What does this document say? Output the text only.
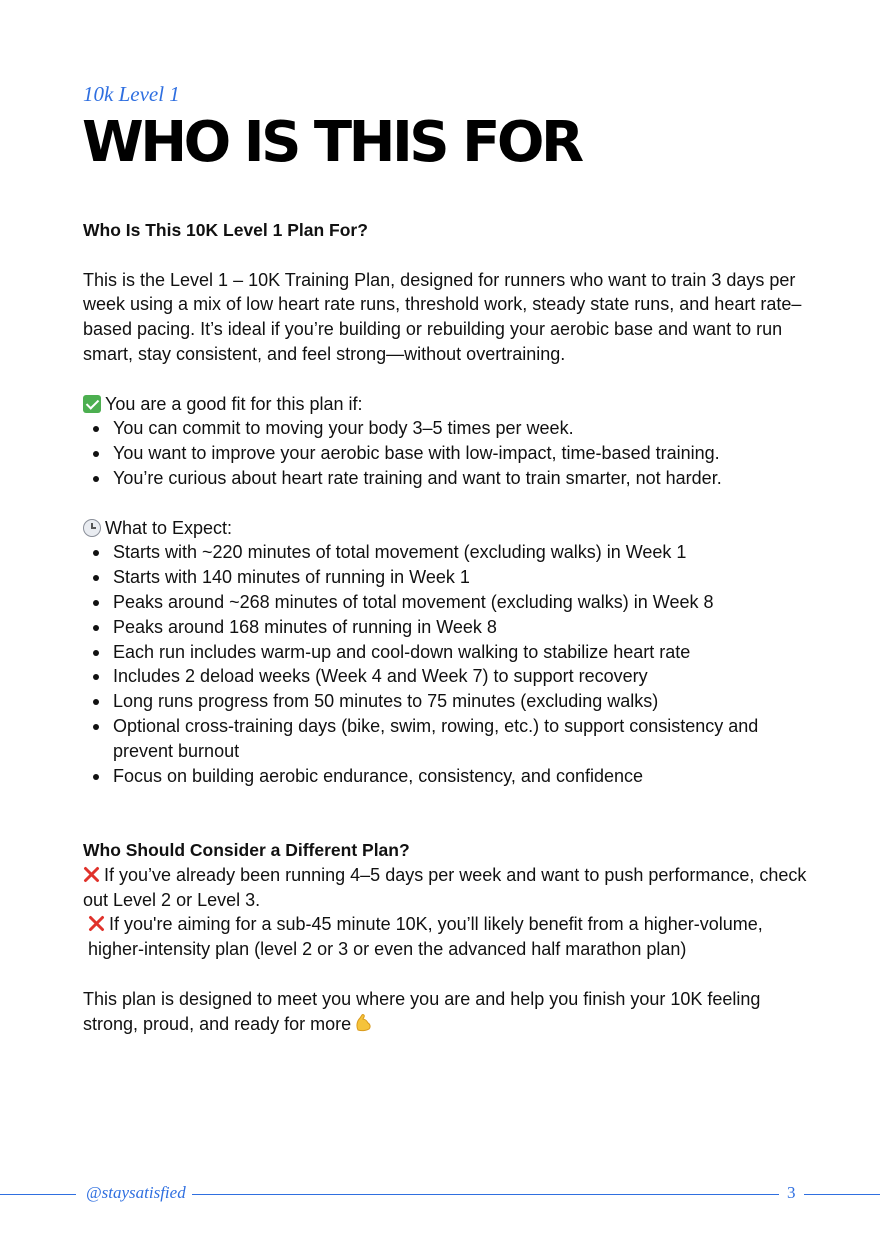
10k Level 1
WHO IS THIS FOR

Who Is This 10K Level 1 Plan For?

This is the Level 1 – 10K Training Plan, designed for runners who want to train 3 days per week using a mix of low heart rate runs, threshold work, steady state runs, and heart rate–based pacing. It’s ideal if you’re building or rebuilding your aerobic base and want to run smart, stay consistent, and feel strong—without overtraining.

You are a good fit for this plan if:

You can commit to moving your body 3–5 times per week.
You want to improve your aerobic base with low-impact, time-based training.
You’re curious about heart rate training and want to train smarter, not harder.

What to Expect:

Starts with ~220 minutes of total movement (excluding walks) in Week 1
Starts with 140 minutes of running in Week 1
Peaks around ~268 minutes of total movement (excluding walks) in Week 8
Peaks around 168 minutes of running in Week 8
Each run includes warm-up and cool-down walking to stabilize heart rate
Includes 2 deload weeks (Week 4 and Week 7) to support recovery
Long runs progress from 50 minutes to 75 minutes (excluding walks)
Optional cross-training days (bike, swim, rowing, etc.) to support consistency and prevent burnout
Focus on building aerobic endurance, consistency, and confidence

Who Should Consider a Different Plan?

If you’ve already been running 4–5 days per week and want to push performance, check out Level 2 or Level 3.

If you're aiming for a sub-45 minute 10K, you’ll likely benefit from a higher-volume, higher-intensity plan (level 2 or 3 or even the advanced half marathon plan)

This plan is designed to meet you where you are and help you finish your 10K feeling strong, proud, and ready for more

@staysatisfied	3
